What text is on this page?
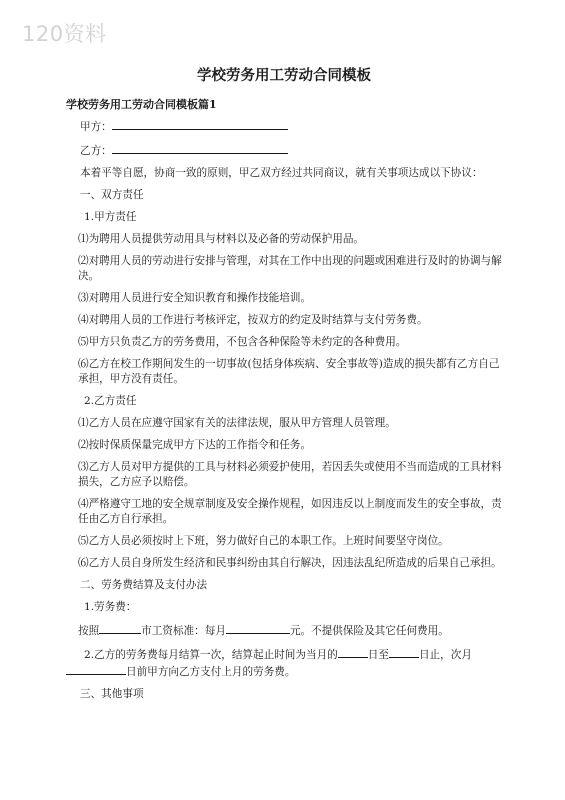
120资料
学校劳务用工劳动合同模板
学校劳务用工劳动合同模板篇1

甲方：

乙方：

本着平等自愿，协商一致的原则，甲乙双方经过共同商议，就有关事项达成以下协议：

一、双方责任

1.甲方责任

⑴为聘用人员提供劳动用具与材料以及必备的劳动保护用品。

⑵对聘用人员的劳动进行安排与管理，对其在工作中出现的问题或困难进行及时的协调与解决。

⑶对聘用人员进行安全知识教育和操作技能培训。

⑷对聘用人员的工作进行考核评定，按双方的约定及时结算与支付劳务费。

⑸甲方只负责乙方的劳务费用，不包含各种保险等未约定的各种费用。

⑹乙方在校工作期间发生的一切事故(包括身体疾病、安全事故等)造成的损失都有乙方自己承担，甲方没有责任。

2.乙方责任

⑴乙方人员在应遵守国家有关的法律法规，服从甲方管理人员管理。

⑵按时保质保量完成甲方下达的工作指令和任务。

⑶乙方人员对甲方提供的工具与材料必须爱护使用，若因丢失或使用不当而造成的工具材料损失，乙方应予以赔偿。

⑷严格遵守工地的安全规章制度及安全操作规程，如因违反以上制度而发生的安全事故，责任由乙方自行承担。

⑸乙方人员必须按时上下班，努力做好自己的本职工作。上班时间要坚守岗位。

⑹乙方人员自身所发生经济和民事纠纷由其自行解决，因违法乱纪所造成的后果自己承担。

二、劳务费结算及支付办法

1.劳务费：

按照	市工资标准：每月	元。不提供保险及其它任何费用。

2.乙方的劳务费每月结算一次，结算起止时间为当月的	日至	日止，次月
日前甲方向乙方支付上月的劳务费。

三、其他事项
